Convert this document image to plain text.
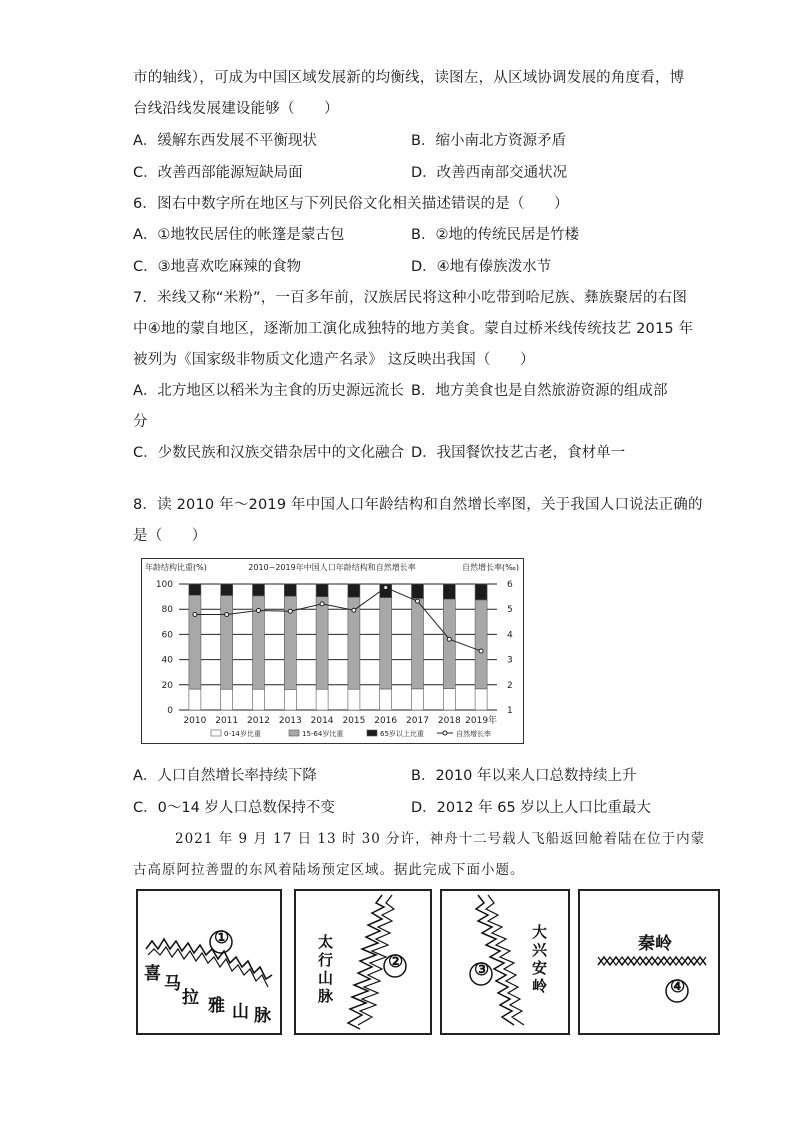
市的轴线），可成为中国区域发展新的均衡线，读图左，从区域协调发展的角度看，博
台线沿线发展建设能够（　　）
A．缓解东西发展不平衡现状	B．缩小南北方资源矛盾
C．改善西部能源短缺局面	D．改善西南部交通状况
6．图右中数字所在地区与下列民俗文化相关描述错误的是（　　）
A．①地牧民居住的帐篷是蒙古包	B．②地的传统民居是竹楼
C．③地喜欢吃麻辣的食物	D．④地有傣族泼水节
7．米线又称“米粉”，一百多年前，汉族居民将这种小吃带到哈尼族、彝族聚居的右图
中④地的蒙自地区，逐渐加工演化成独特的地方美食。蒙自过桥米线传统技艺 2015 年
被列为《国家级非物质文化遗产名录》 这反映出我国（　　）
A．北方地区以稻米为主食的历史源远流长 B．地方美食也是自然旅游资源的组成部
分
C．少数民族和汉族交错杂居中的文化融合 D．我国餐饮技艺古老，食材单一
8．读 2010 年～2019 年中国人口年龄结构和自然增长率图，关于我国人口说法正确的
是（　　）
年龄结构比重(%)	2010~2019年中国人口年龄结构和自然增长率	自然增长率(‰)
0
20
40
60
80
100
1
2
3
4
5
6
2010 2011 2012 2013 2014 2015 2016 2017 2018 2019年
0-14岁比重	15-64岁比重	65岁以上比重	自然增长率
A．人口自然增长率持续下降	B．2010 年以来人口总数持续上升
C．0～14 岁人口总数保持不变	D．2012 年 65 岁以上人口比重最大
2021 年 9 月 17 日 13 时 30 分许，神舟十二号载人飞船返回舱着陆在位于内蒙
古高原阿拉善盟的东风着陆场预定区域。据此完成下面小题。
①
喜 马
拉 雅 山 脉
②
太
行
山
脉
③
大
兴
安
岭
秦岭
④
